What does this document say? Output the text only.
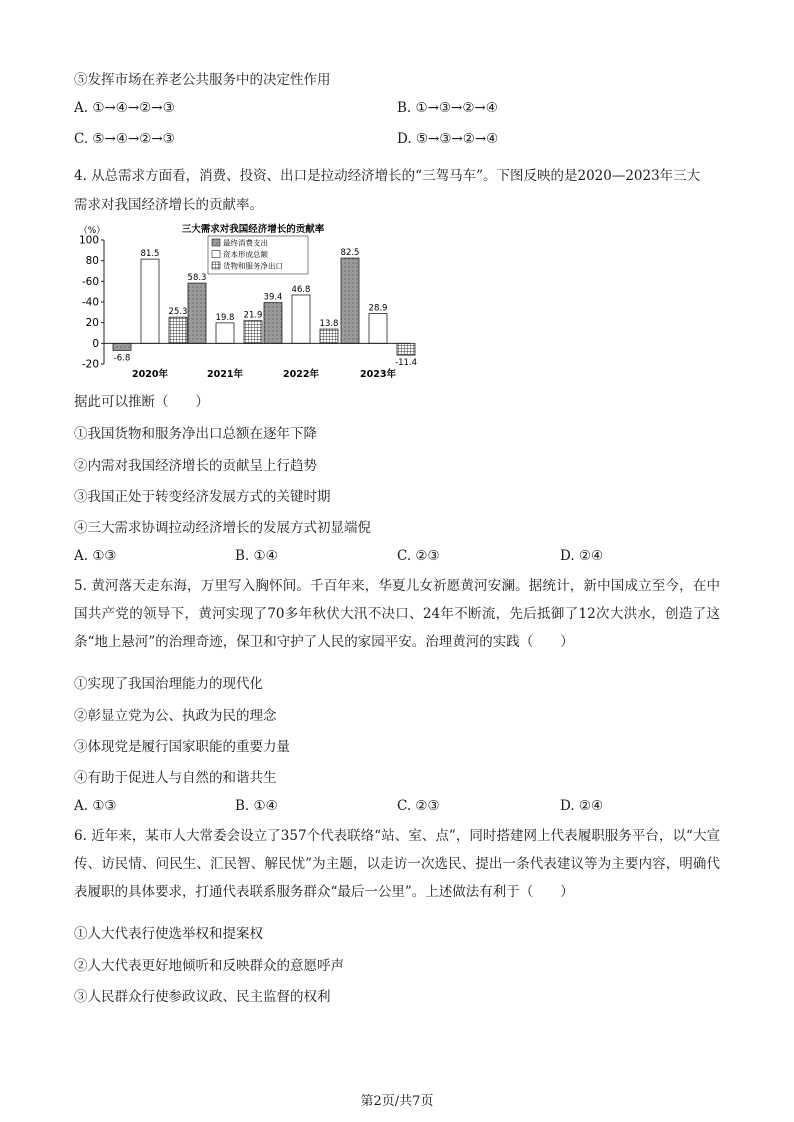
⑤发挥市场在养老公共服务中的决定性作用
A. ①→④→②→③	B. ①→③→②→④
C. ⑤→④→②→③	D. ⑤→③→②→④
4. 从总需求方面看，消费、投资、出口是拉动经济增长的“三驾马车”。下图反映的是2020—2023年三大
需求对我国经济增长的贡献率。
三大需求对我国经济增长的贡献率
（%）
最终消费支出
资本形成总额
货物和服务净出口
100
80
-60
-40
20
0
-20
-6.8
58.3
39.4
82.5
81.5
19.8
46.8
28.9
25.3	21.9
13.8
-11.4
2020年	2021年	2022年	2023年
据此可以推断（　　）
①我国货物和服务净出口总额在逐年下降
②内需对我国经济增长的贡献呈上行趋势
③我国正处于转变经济发展方式的关键时期
④三大需求协调拉动经济增长的发展方式初显端倪
A. ①③	B. ①④	C. ②③	D. ②④
5. 黄河落天走东海，万里写入胸怀间。千百年来，华夏儿女祈愿黄河安澜。据统计，新中国成立至今，在中国共产党的领导下，黄河实现了70多年秋伏大汛不决口、24年不断流，先后抵御了12次大洪水，创造了这条“地上悬河”的治理奇迹，保卫和守护了人民的家园平安。治理黄河的实践（　　）
①实现了我国治理能力的现代化
②彰显立党为公、执政为民的理念
③体现党是履行国家职能的重要力量
④有助于促进人与自然的和谐共生
A. ①③	B. ①④	C. ②③	D. ②④
6. 近年来，某市人大常委会设立了357个代表联络“站、室、点”，同时搭建网上代表履职服务平台，以“大宣传、访民情、问民生、汇民智、解民忧”为主题，以走访一次选民、提出一条代表建议等为主要内容，明确代表履职的具体要求，打通代表联系服务群众“最后一公里”。上述做法有利于（　　）
①人大代表行使选举权和提案权
②人大代表更好地倾听和反映群众的意愿呼声
③人民群众行使参政议政、民主监督的权利
第2页/共7页
